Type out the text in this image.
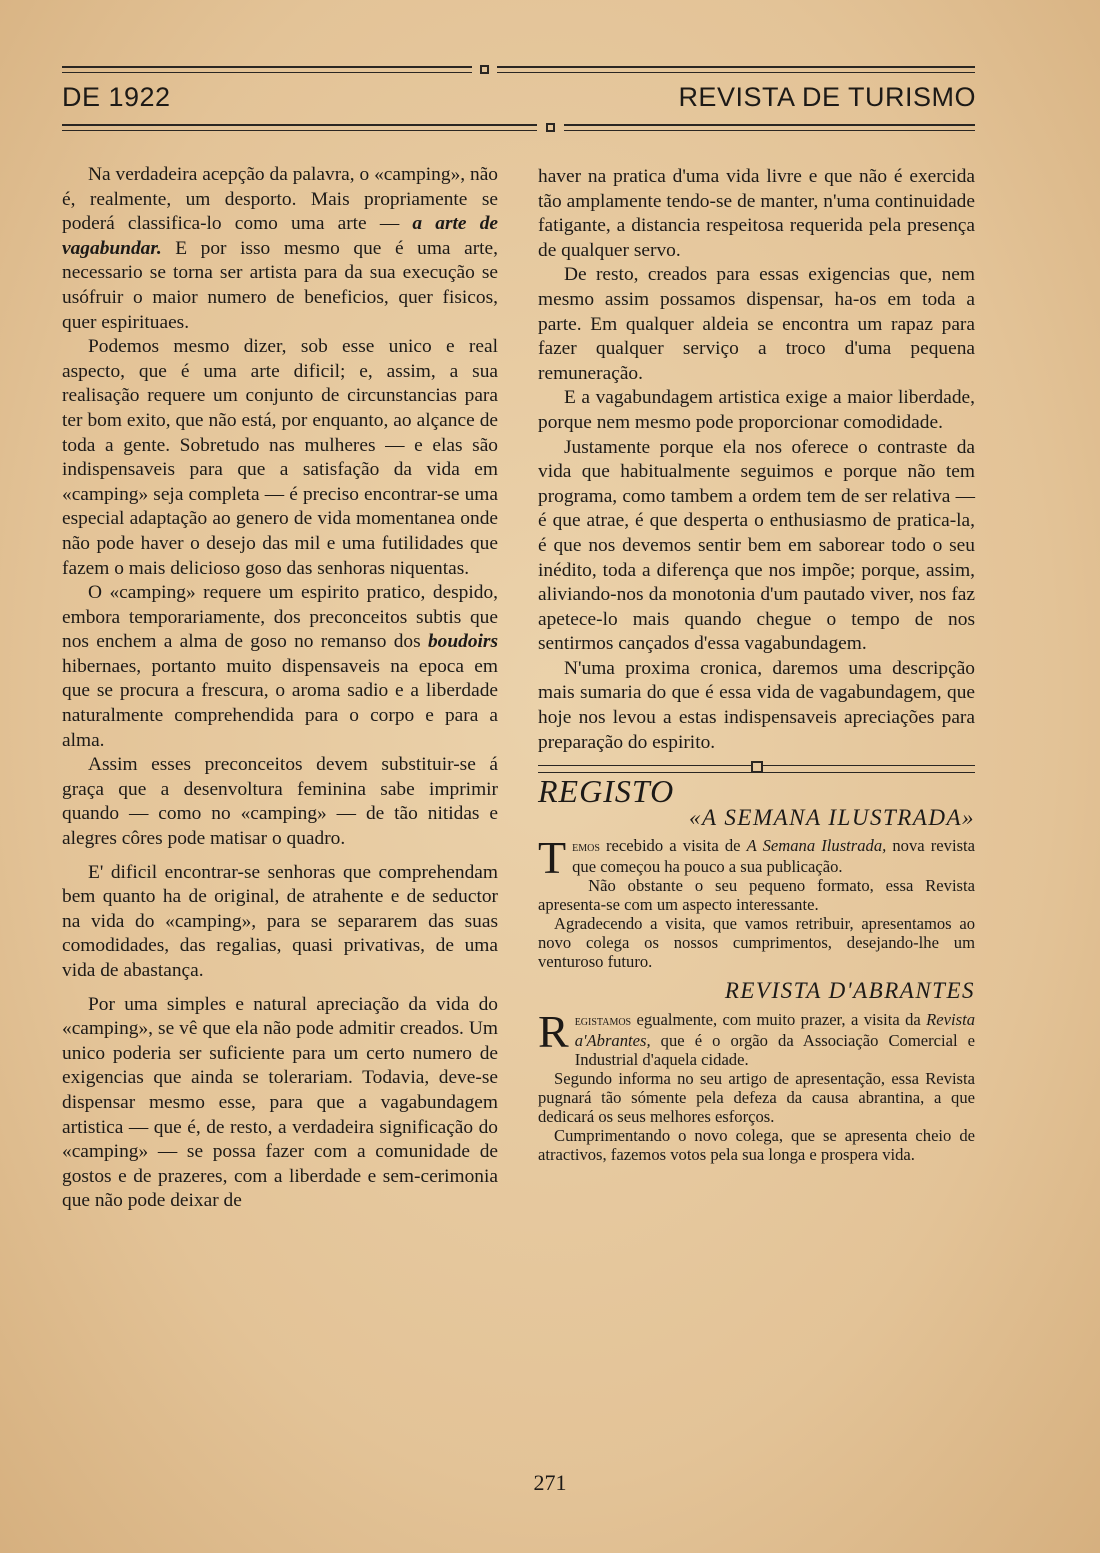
DE 1922	REVISTA DE TURISMO

Na verdadeira acepção da palavra, o «camping», não é, realmente, um desporto. Mais propriamente se poderá classifica-lo como uma arte — a arte de vagabundar. E por isso mesmo que é uma arte, necessario se torna ser artista para da sua execução se usófruir o maior numero de beneficios, quer fisicos, quer espirituaes.

Podemos mesmo dizer, sob esse unico e real aspecto, que é uma arte dificil; e, assim, a sua realisação requere um conjunto de circunstancias para ter bom exito, que não está, por enquanto, ao alçance de toda a gente. Sobretudo nas mulheres — e elas são indispensaveis para que a satisfação da vida em «camping» seja completa — é preciso encontrar-se uma especial adaptação ao genero de vida momentanea onde não pode haver o desejo das mil e uma futilidades que fazem o mais delicioso goso das senhoras niquentas.

O «camping» requere um espirito pratico, despido, embora temporariamente, dos preconceitos subtis que nos enchem a alma de goso no remanso dos boudoirs hibernaes, portanto muito dispensaveis na epoca em que se procura a frescura, o aroma sadio e a liberdade naturalmente comprehendida para o corpo e para a alma.

Assim esses preconceitos devem substituir-se á graça que a desenvoltura feminina sabe imprimir quando — como no «camping» — de tão nitidas e alegres côres pode matisar o quadro.

E' dificil encontrar-se senhoras que comprehendam bem quanto ha de original, de atrahente e de seductor na vida do «camping», para se separarem das suas comodidades, das regalias, quasi privativas, de uma vida de abastança.

Por uma simples e natural apreciação da vida do «camping», se vê que ela não pode admitir creados. Um unico poderia ser suficiente para um certo numero de exigencias que ainda se tolerariam. Todavia, deve-se dispensar mesmo esse, para que a vagabundagem artistica — que é, de resto, a verdadeira significação do «camping» — se possa fazer com a comunidade de gostos e de prazeres, com a liberdade e sem-cerimonia que não pode deixar de

haver na pratica d'uma vida livre e que não é exercida tão amplamente tendo-se de manter, n'uma continuidade fatigante, a distancia respeitosa requerida pela presença de qualquer servo.

De resto, creados para essas exigencias que, nem mesmo assim possamos dispensar, ha-os em toda a parte. Em qualquer aldeia se encontra um rapaz para fazer qualquer serviço a troco d'uma pequena remuneração.

E a vagabundagem artistica exige a maior liberdade, porque nem mesmo pode proporcionar comodidade.

Justamente porque ela nos oferece o contraste da vida que habitualmente seguimos e porque não tem programa, como tambem a ordem tem de ser relativa — é que atrae, é que desperta o enthusiasmo de pratica-la, é que nos devemos sentir bem em saborear todo o seu inédito, toda a diferença que nos impõe; porque, assim, aliviando-nos da monotonia d'um pautado viver, nos faz apetece-lo mais quando chegue o tempo de nos sentirmos cançados d'essa vagabundagem.

N'uma proxima cronica, daremos uma descripção mais sumaria do que é essa vida de vagabundagem, que hoje nos levou a estas indispensaveis apreciações para preparação do espirito.

REGISTO
«A SEMANA ILUSTRADA»

Temos recebido a visita de A Semana Ilustrada, nova revista que começou ha pouco a sua publicação.

Não obstante o seu pequeno formato, essa Revista apresenta-se com um aspecto interessante.

Agradecendo a visita, que vamos retribuir, apresentamos ao novo colega os nossos cumprimentos, desejando-lhe um venturoso futuro.

REVISTA D'ABRANTES

Registamos egualmente, com muito prazer, a visita da Revista a'Abrantes, que é o orgão da Associação Comercial e Industrial d'aquela cidade.

Segundo informa no seu artigo de apresentação, essa Revista pugnará tão sómente pela defeza da causa abrantina, a que dedicará os seus melhores esforços.

Cumprimentando o novo colega, que se apresenta cheio de atractivos, fazemos votos pela sua longa e prospera vida.

271
